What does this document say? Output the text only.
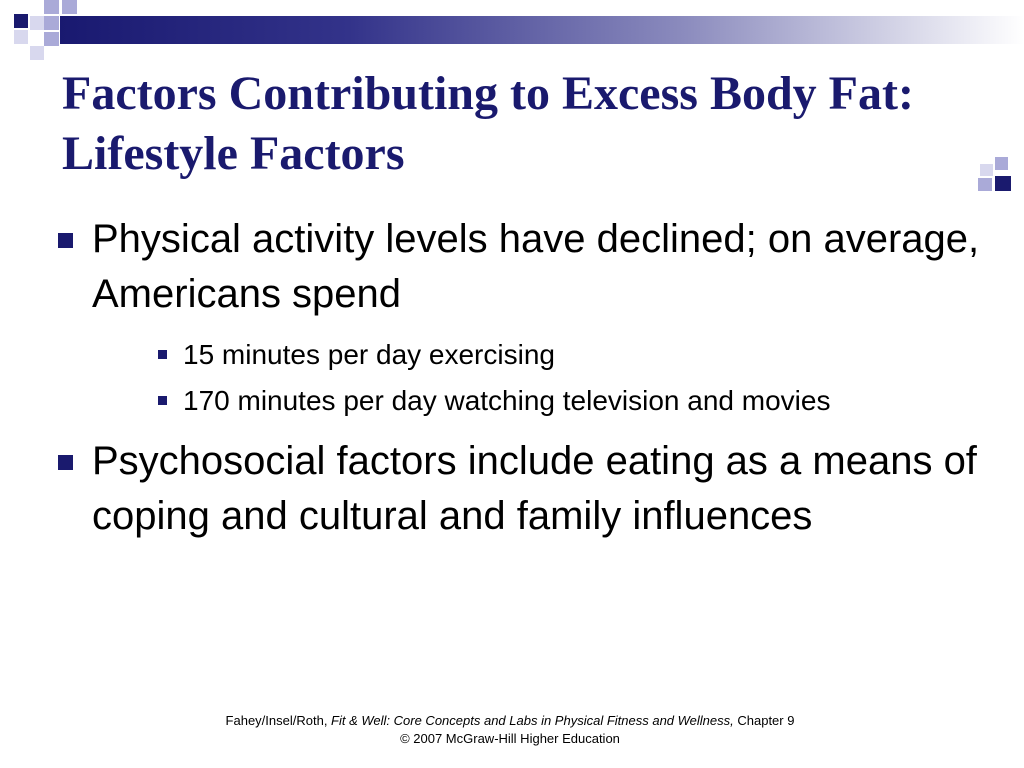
Factors Contributing to Excess Body Fat: Lifestyle Factors
Physical activity levels have declined; on average, Americans spend
15 minutes per day exercising
170 minutes per day watching television and movies
Psychosocial factors include eating as a means of coping and cultural and family influences
Fahey/Insel/Roth, Fit & Well: Core Concepts and Labs in Physical Fitness and Wellness, Chapter 9
© 2007 McGraw-Hill Higher Education
